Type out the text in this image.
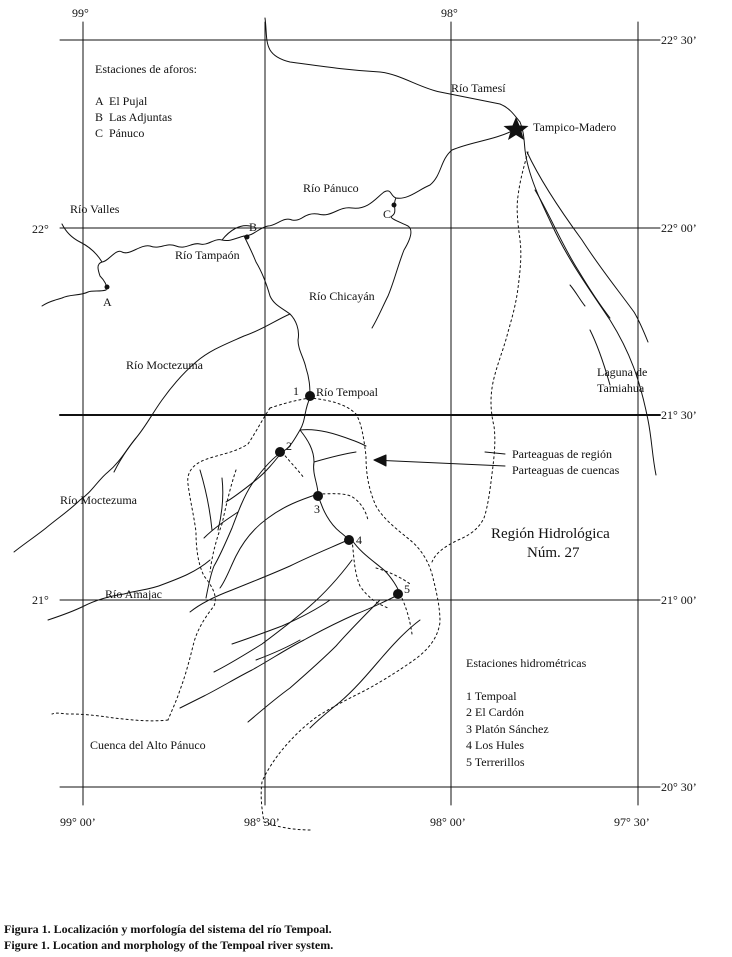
99°	98°
22° 30’
22° 00’
21° 30’
21° 00’
20° 30’
22°
21°
99° 00’	98° 30’	98° 00’	97° 30’
Estaciones de aforos:
A  El Pujal
B  Las Adjuntas
C  Pánuco
A
B
C
1
2
3
4
5
Río Tamesí
Río Pánuco
Río Valles
Río Tampaón
Río Chicayán
Río Moctezuma
Río Tempoal
Río Moctezuma
Río Amajac
Tampico-Madero
Laguna de
Tamiahua
Cuenca del Alto Pánuco
Parteaguas de región
Parteaguas de cuencas
Región Hidrológica
Núm. 27
Estaciones hidrométricas
1 Tempoal
2 El Cardón
3 Platón Sánchez
4 Los Hules
5 Terrerillos
Figura 1. Localización y morfología del sistema del río Tempoal.
Figure 1. Location and morphology of the Tempoal river system.
